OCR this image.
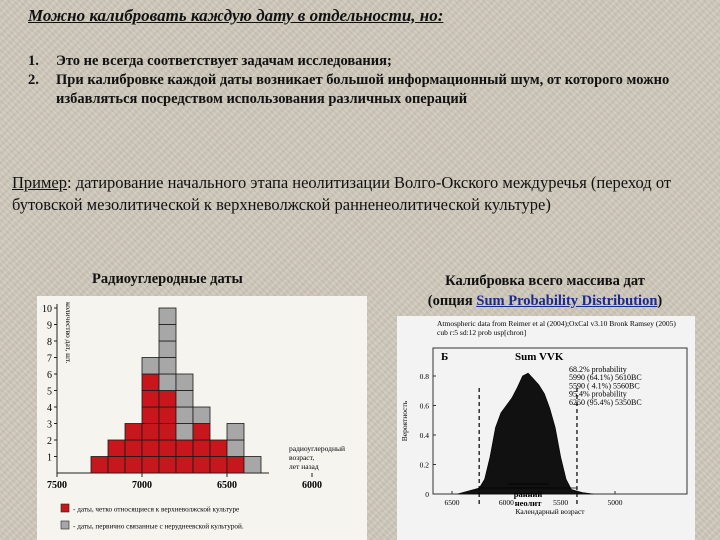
Можно калибровать каждую дату в отдельности, но:
1. Это не всегда соответствует задачам исследования;
2. При калибровке каждой даты возникает большой информационный шум, от которого можно избавляться посредством использования различных операций
Пример: датирование начального этапа неолитизации Волго-Окского междуречья (переход от бутовской мезолитической к верхневолжской ранненеолитической культуре)
Радиоуглеродные даты	Калибровка всего массива дат
(опция Sum Probability Distribution)
1
2
3
4
5
6
7
8
9
10 количество дат, шт.
7500	7000	6500	6000
радиоуглеродный
возраст,
лет назад
- даты, четко относящиеся к верхневолжской культуре
- даты, первично связанные с неруднеевской культурой.
Atmospheric data from Reimer et al (2004);OxCal v3.10 Bronk Ramsey (2005)
cub r:5 sd:12 prob usp[chron]
Б	Sum VVK
68.2% probability
5990 (64.1%) 5610BC
5590 ( 4.1%) 5560BC
95.4% probability
6250 (95.4%) 5350BC
0
0.2
0.4
0.6
0.8
Вероятность
6500	6000	5500	5000
Календарный возраст
ранний
неолит
